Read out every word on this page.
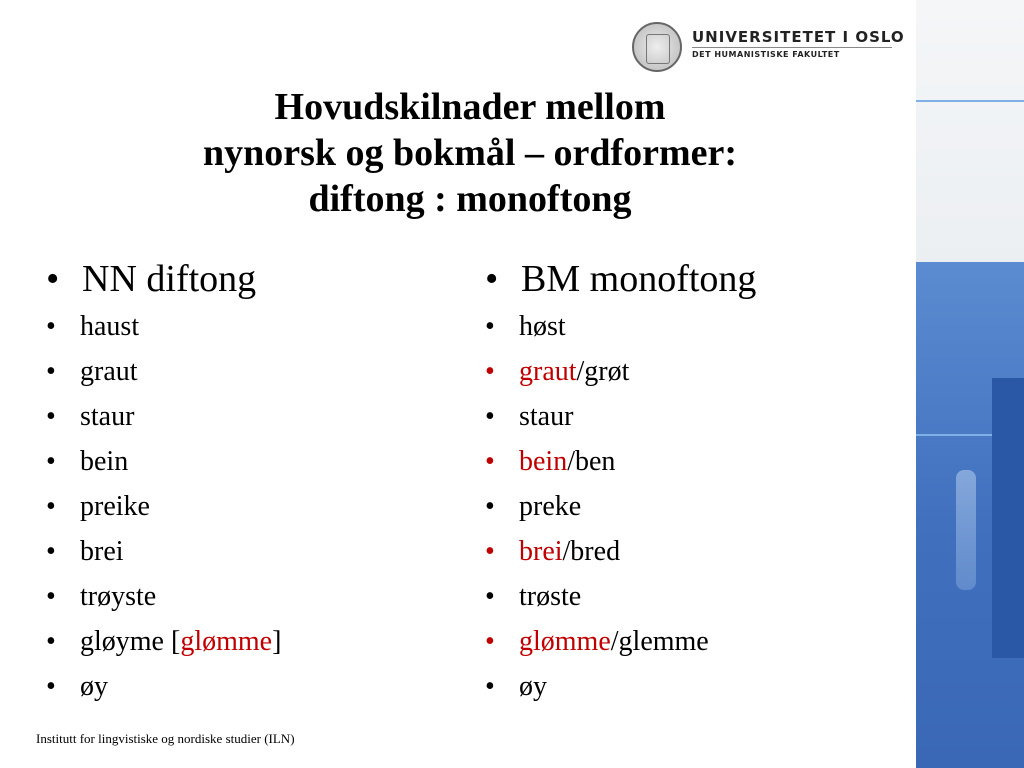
UNIVERSITETET I OSLO
DET HUMANISTISKE FAKULTET
Hovudskilnader mellom
nynorsk og bokmål – ordformer:
diftong : monoftong
• NN diftong
• haust
• graut
• staur
• bein
• preike
• brei
• trøyste
• gløyme [glømme]
• øy
• BM monoftong
• høst
• graut/grøt
• staur
• bein/ben
• preke
• brei/bred
• trøste
• glømme/glemme
• øy
Institutt for lingvistiske og nordiske studier (ILN)
